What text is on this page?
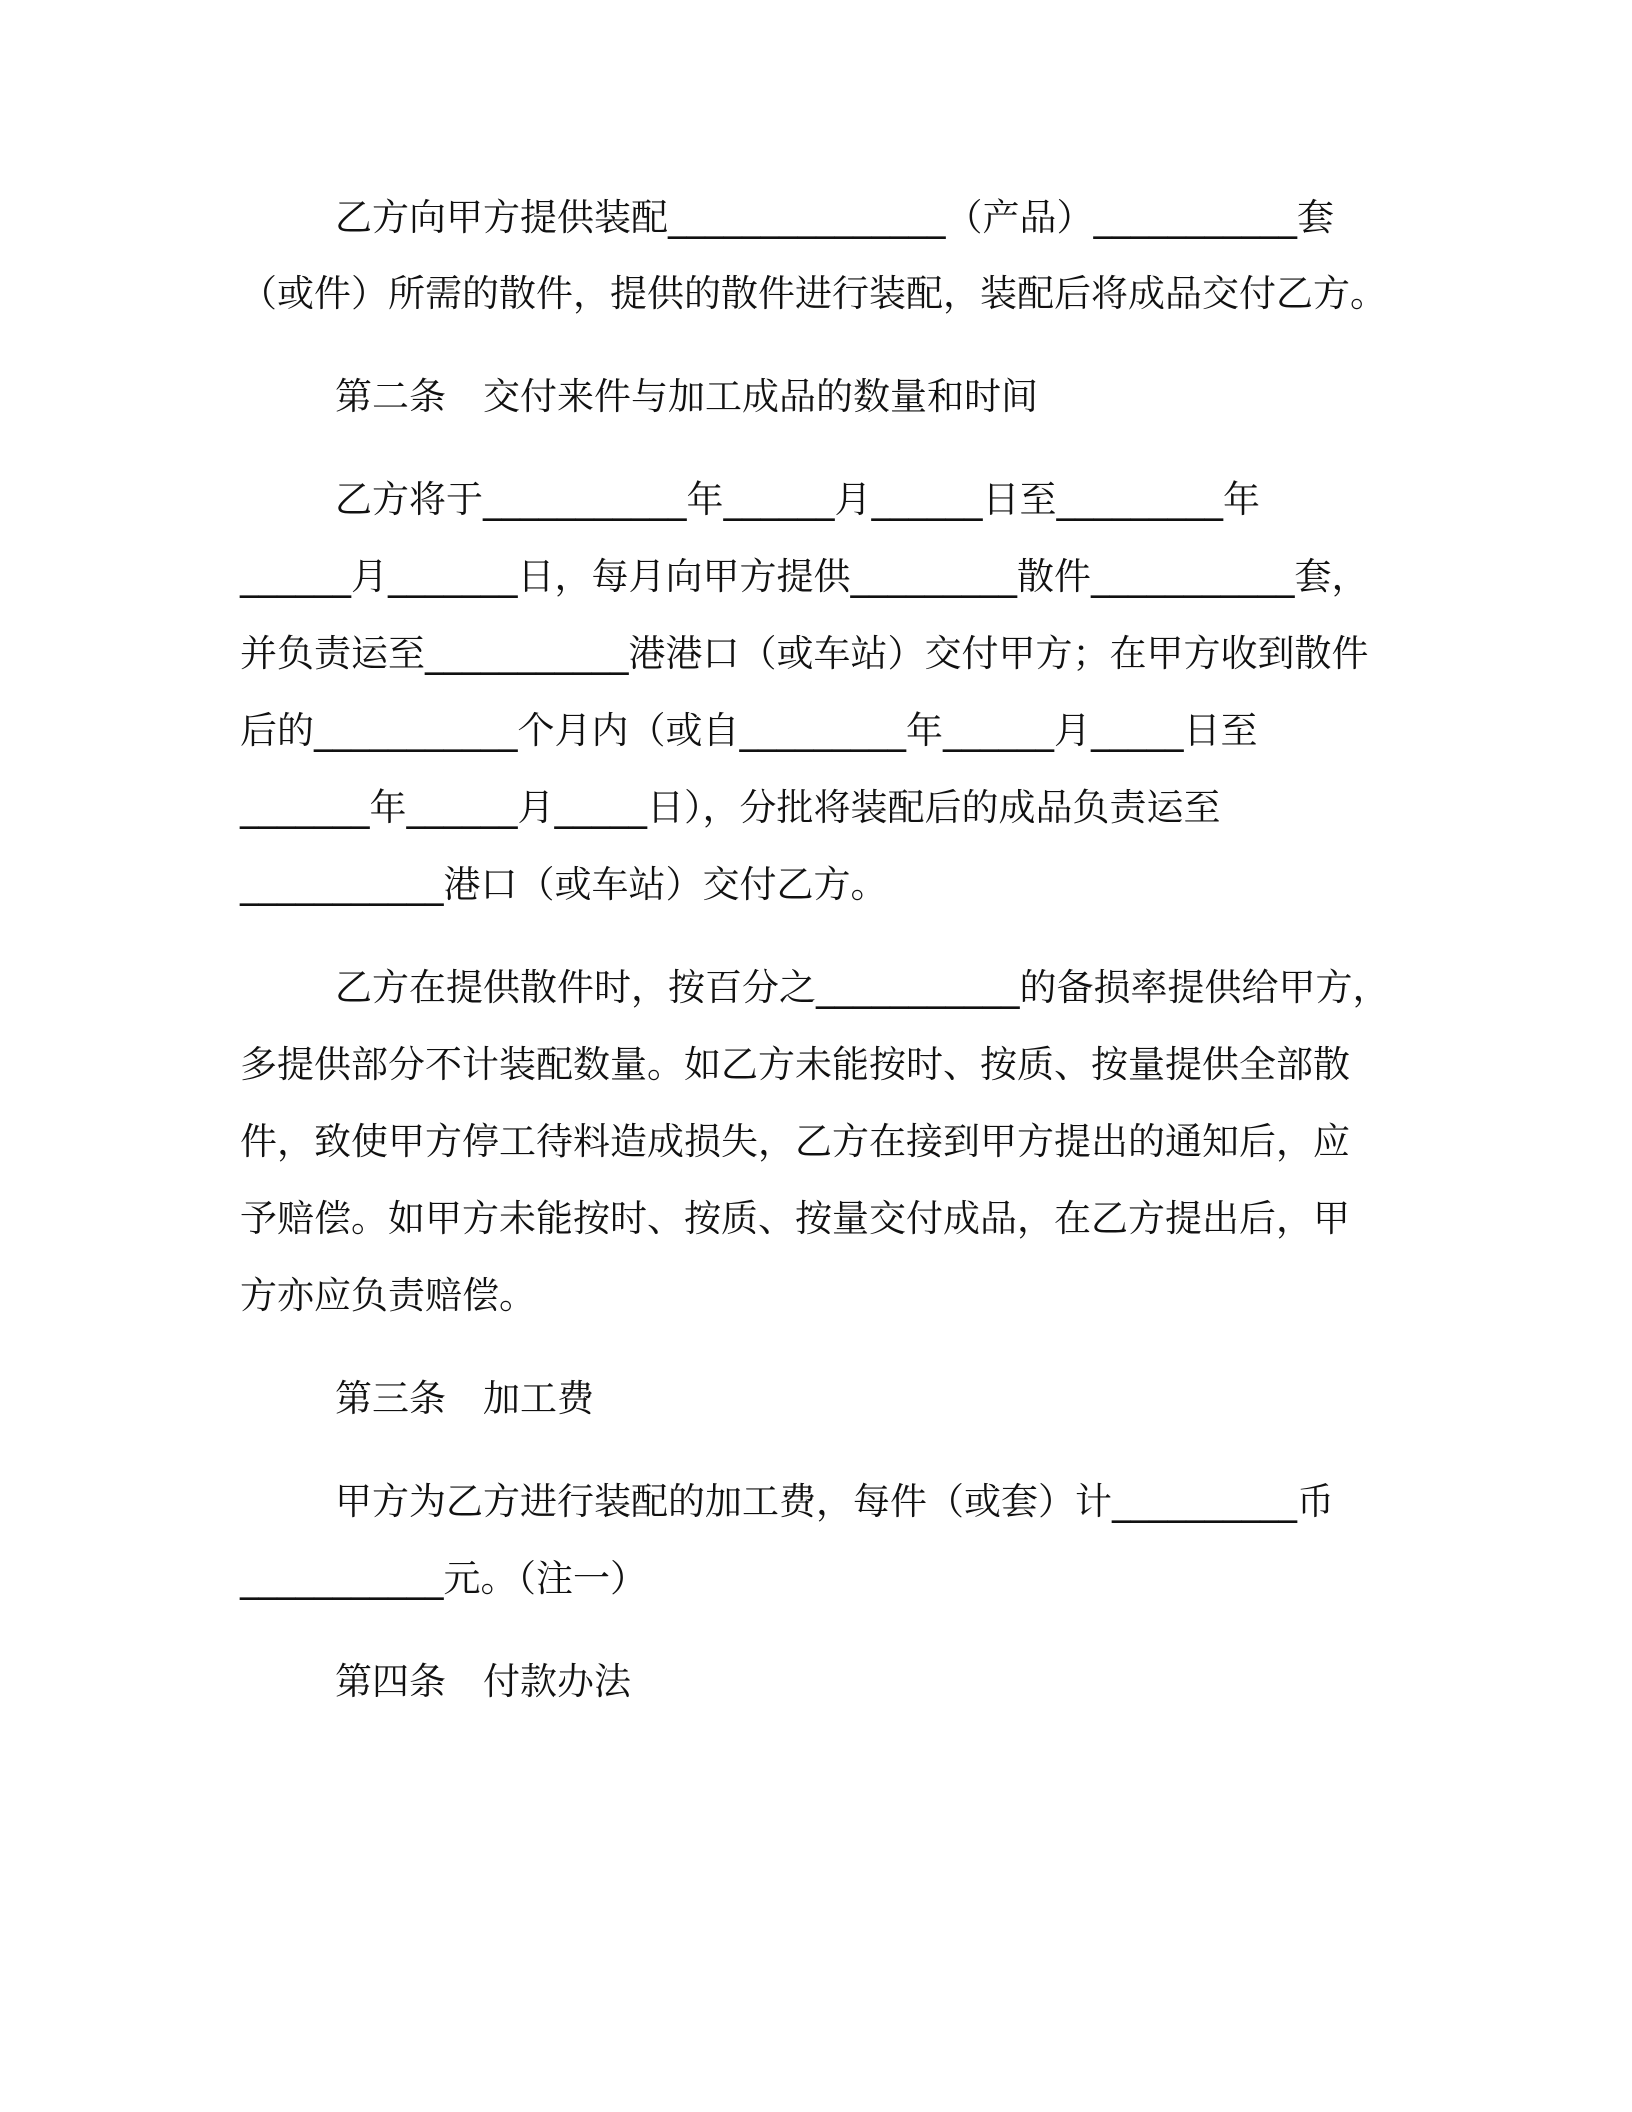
乙方向甲方提供装配_______________（产品）___________套
（或件）所需的散件，提供的散件进行装配，装配后将成品交付乙方。
第二条　交付来件与加工成品的数量和时间
乙方将于___________年______月______日至_________年
______月_______日，每月向甲方提供_________散件___________套，
并负责运至___________港港口（或车站）交付甲方；在甲方收到散件
后的___________个月内（或自_________年______月_____日至
_______年______月_____日），分批将装配后的成品负责运至
___________港口（或车站）交付乙方。
乙方在提供散件时，按百分之___________的备损率提供给甲方，
多提供部分不计装配数量。如乙方未能按时、按质、按量提供全部散
件，致使甲方停工待料造成损失，乙方在接到甲方提出的通知后，应
予赔偿。如甲方未能按时、按质、按量交付成品，在乙方提出后，甲
方亦应负责赔偿。
第三条　加工费
甲方为乙方进行装配的加工费，每件（或套）计__________币
___________元。（注一）
第四条　付款办法
